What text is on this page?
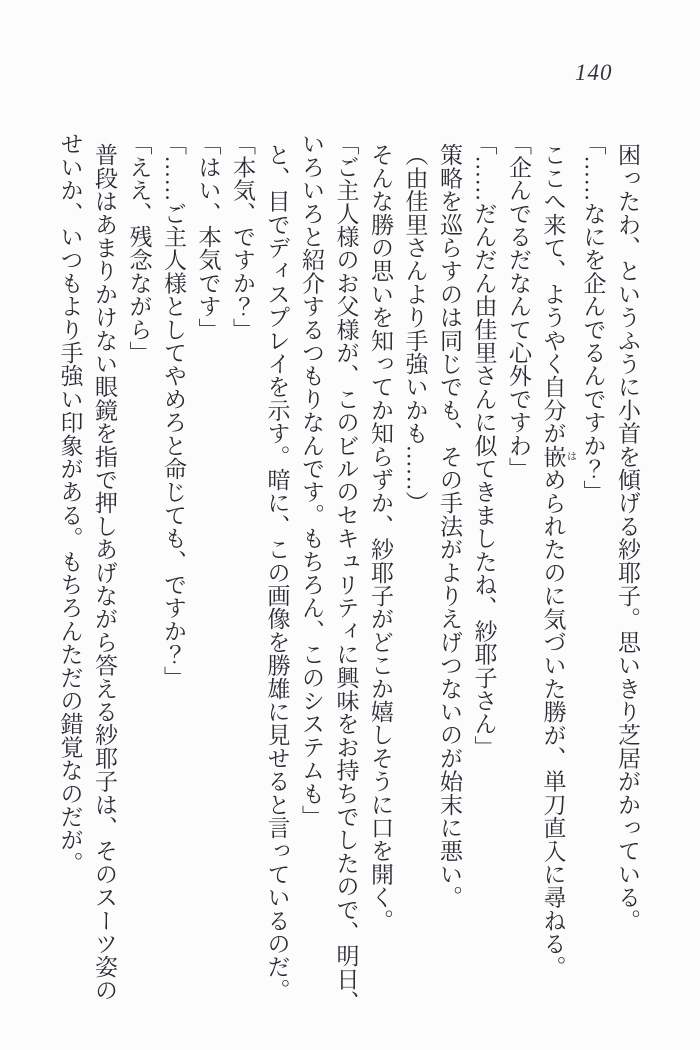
140

困ったわ、というふうに小首を傾げる紗耶子。思いきり芝居がかっている。

「……なにを企んでるんですか？」

ここへ来て、ようやく自分が嵌 はめられたのに気づいた勝が、単刀直入に尋ねる。

「企んでるだなんて心外ですわ」

「……だんだん由佳里さんに似てきましたね、紗耶子さん」

策略を巡らすのは同じでも、その手法がよりえげつないのが始末に悪い。

（由佳里さんより手強いかも……）

そんな勝の思いを知ってか知らずか、紗耶子がどこか嬉しそうに口を開く。

「ご主人様のお父様が、このビルのセキュリティに興味をお持ちでしたので、明日、

いろいろと紹介するつもりなんです。もちろん、このシステムも」

と、目でディスプレイを示す。暗に、この画像を勝雄に見せると言っているのだ。

「本気、ですか？」

「はい、本気です」

「……ご主人様としてやめろと命じても、ですか？」

「ええ、残念ながら」

普段はあまりかけない眼鏡を指で押しあげながら答える紗耶子は、そのスーツ姿の

せいか、いつもより手強い印象がある。もちろんただの錯覚なのだが。
